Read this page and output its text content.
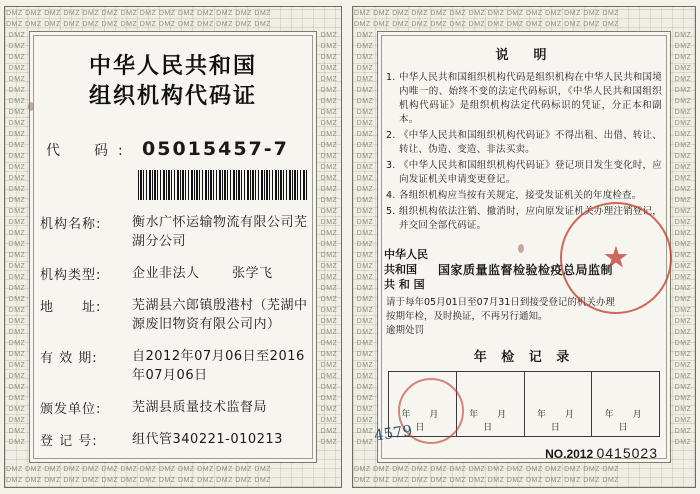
DMZ DMZ DMZ DMZ DMZ DMZ DMZ DMZ DMZ DMZ DMZ DMZ DMZ DMZ
DMZ DMZ DMZ DMZ DMZ DMZ DMZ DMZ DMZ DMZ DMZ DMZ DMZ DMZ
DMZ DMZ DMZ DMZ DMZ DMZ DMZ DMZ DMZ DMZ DMZ DMZ DMZ DMZ
DMZ DMZ DMZ DMZ DMZ DMZ DMZ DMZ DMZ DMZ DMZ DMZ DMZ DMZ
DMZ
DMZ
DMZ
DMZ
DMZ
DMZ
DMZ
DMZ
DMZ
DMZ
DMZ
DMZ
DMZ
DMZ
DMZ
DMZ
DMZ
DMZ
DMZ
DMZ
DMZ
DMZ
DMZ
DMZ
DMZ
DMZ
DMZ
DMZ
DMZ
DMZ
DMZ
DMZ
DMZ
DMZ
DMZ
DMZ
DMZ
DMZ
DMZ
DMZ
DMZ
DMZ
DMZ
DMZ
DMZ
DMZ
DMZ
DMZ
DMZ
DMZ
DMZ
DMZ
DMZ
DMZ
DMZ
DMZ
DMZ
DMZ
DMZ
DMZ
DMZ
DMZ
DMZ
DMZ
DMZ
DMZ
DMZ
DMZ
DMZ
DMZ
DMZ
DMZ
DMZ
DMZ
DMZ
DMZ
中华人民共和国
组织机构代码证
代　码: 05015457-7
机构名称:	衡水广怀运输物流有限公司芜
湖分公司
机构类型:	企业非法人	张学飞
地　　址:	芜湖县六郎镇殷港村（芜湖中
源废旧物资有限公司内）
有 效 期:	自2012年07月06日至2016年07月06日
颁发单位:	芜湖县质量技术监督局
登 记 号:	组代管340221-010213
DMZ DMZ DMZ DMZ DMZ DMZ DMZ DMZ DMZ DMZ DMZ DMZ DMZ DMZ
DMZ DMZ DMZ DMZ DMZ DMZ DMZ DMZ DMZ DMZ DMZ DMZ DMZ DMZ
DMZ DMZ DMZ DMZ DMZ DMZ DMZ DMZ DMZ DMZ DMZ DMZ DMZ DMZ
DMZ DMZ DMZ DMZ DMZ DMZ DMZ DMZ DMZ DMZ DMZ DMZ DMZ DMZ
DMZ
DMZ
DMZ
DMZ
DMZ
DMZ
DMZ
DMZ
DMZ
DMZ
DMZ
DMZ
DMZ
DMZ
DMZ
DMZ
DMZ
DMZ
DMZ
DMZ
DMZ
DMZ
DMZ
DMZ
DMZ
DMZ
DMZ
DMZ
DMZ
DMZ
DMZ
DMZ
DMZ
DMZ
DMZ
DMZ
DMZ
DMZ
DMZ
DMZ
DMZ
DMZ
DMZ
DMZ
DMZ
DMZ
DMZ
DMZ
DMZ
DMZ
DMZ
DMZ
DMZ
DMZ
DMZ
DMZ
DMZ
DMZ
DMZ
DMZ
DMZ
DMZ
DMZ
DMZ
DMZ
DMZ
DMZ
DMZ
DMZ
DMZ
DMZ
DMZ
DMZ
DMZ
DMZ
DMZ
说　明
1. 中华人民共和国组织机构代码是组织机构在中华人民共和国境内唯一的、始终不变的法定代码标识，《中华人民共和国组织机构代码证》是组织机构法定代码标识的凭证，分正本和副本。
2. 《中华人民共和国组织机构代码证》不得出租、出借、转让、转让、伪造、变造、非法买卖。
3. 《中华人民共和国组织机构代码证》登记项目发生变化时，应向发证机关申请变更登记。
4. 各组织机构应当按有关规定，接受发证机关的年度检查。
5. 组织机构依法注销、撤消时，应向原发证机关办理注销登记，并交回全部代码证。
中华人民共和国
共 和 国
国家质量监督检验检疫总局监制
请于每年05月01日至07月31日到接受登记的机关办理
按期年检，及时换证，不再另行通知。
逾期处罚
年 检 记 录
年　月　日
年　月　日
年　月　日
年　月　日
NO.2012 0415023
★
4579
